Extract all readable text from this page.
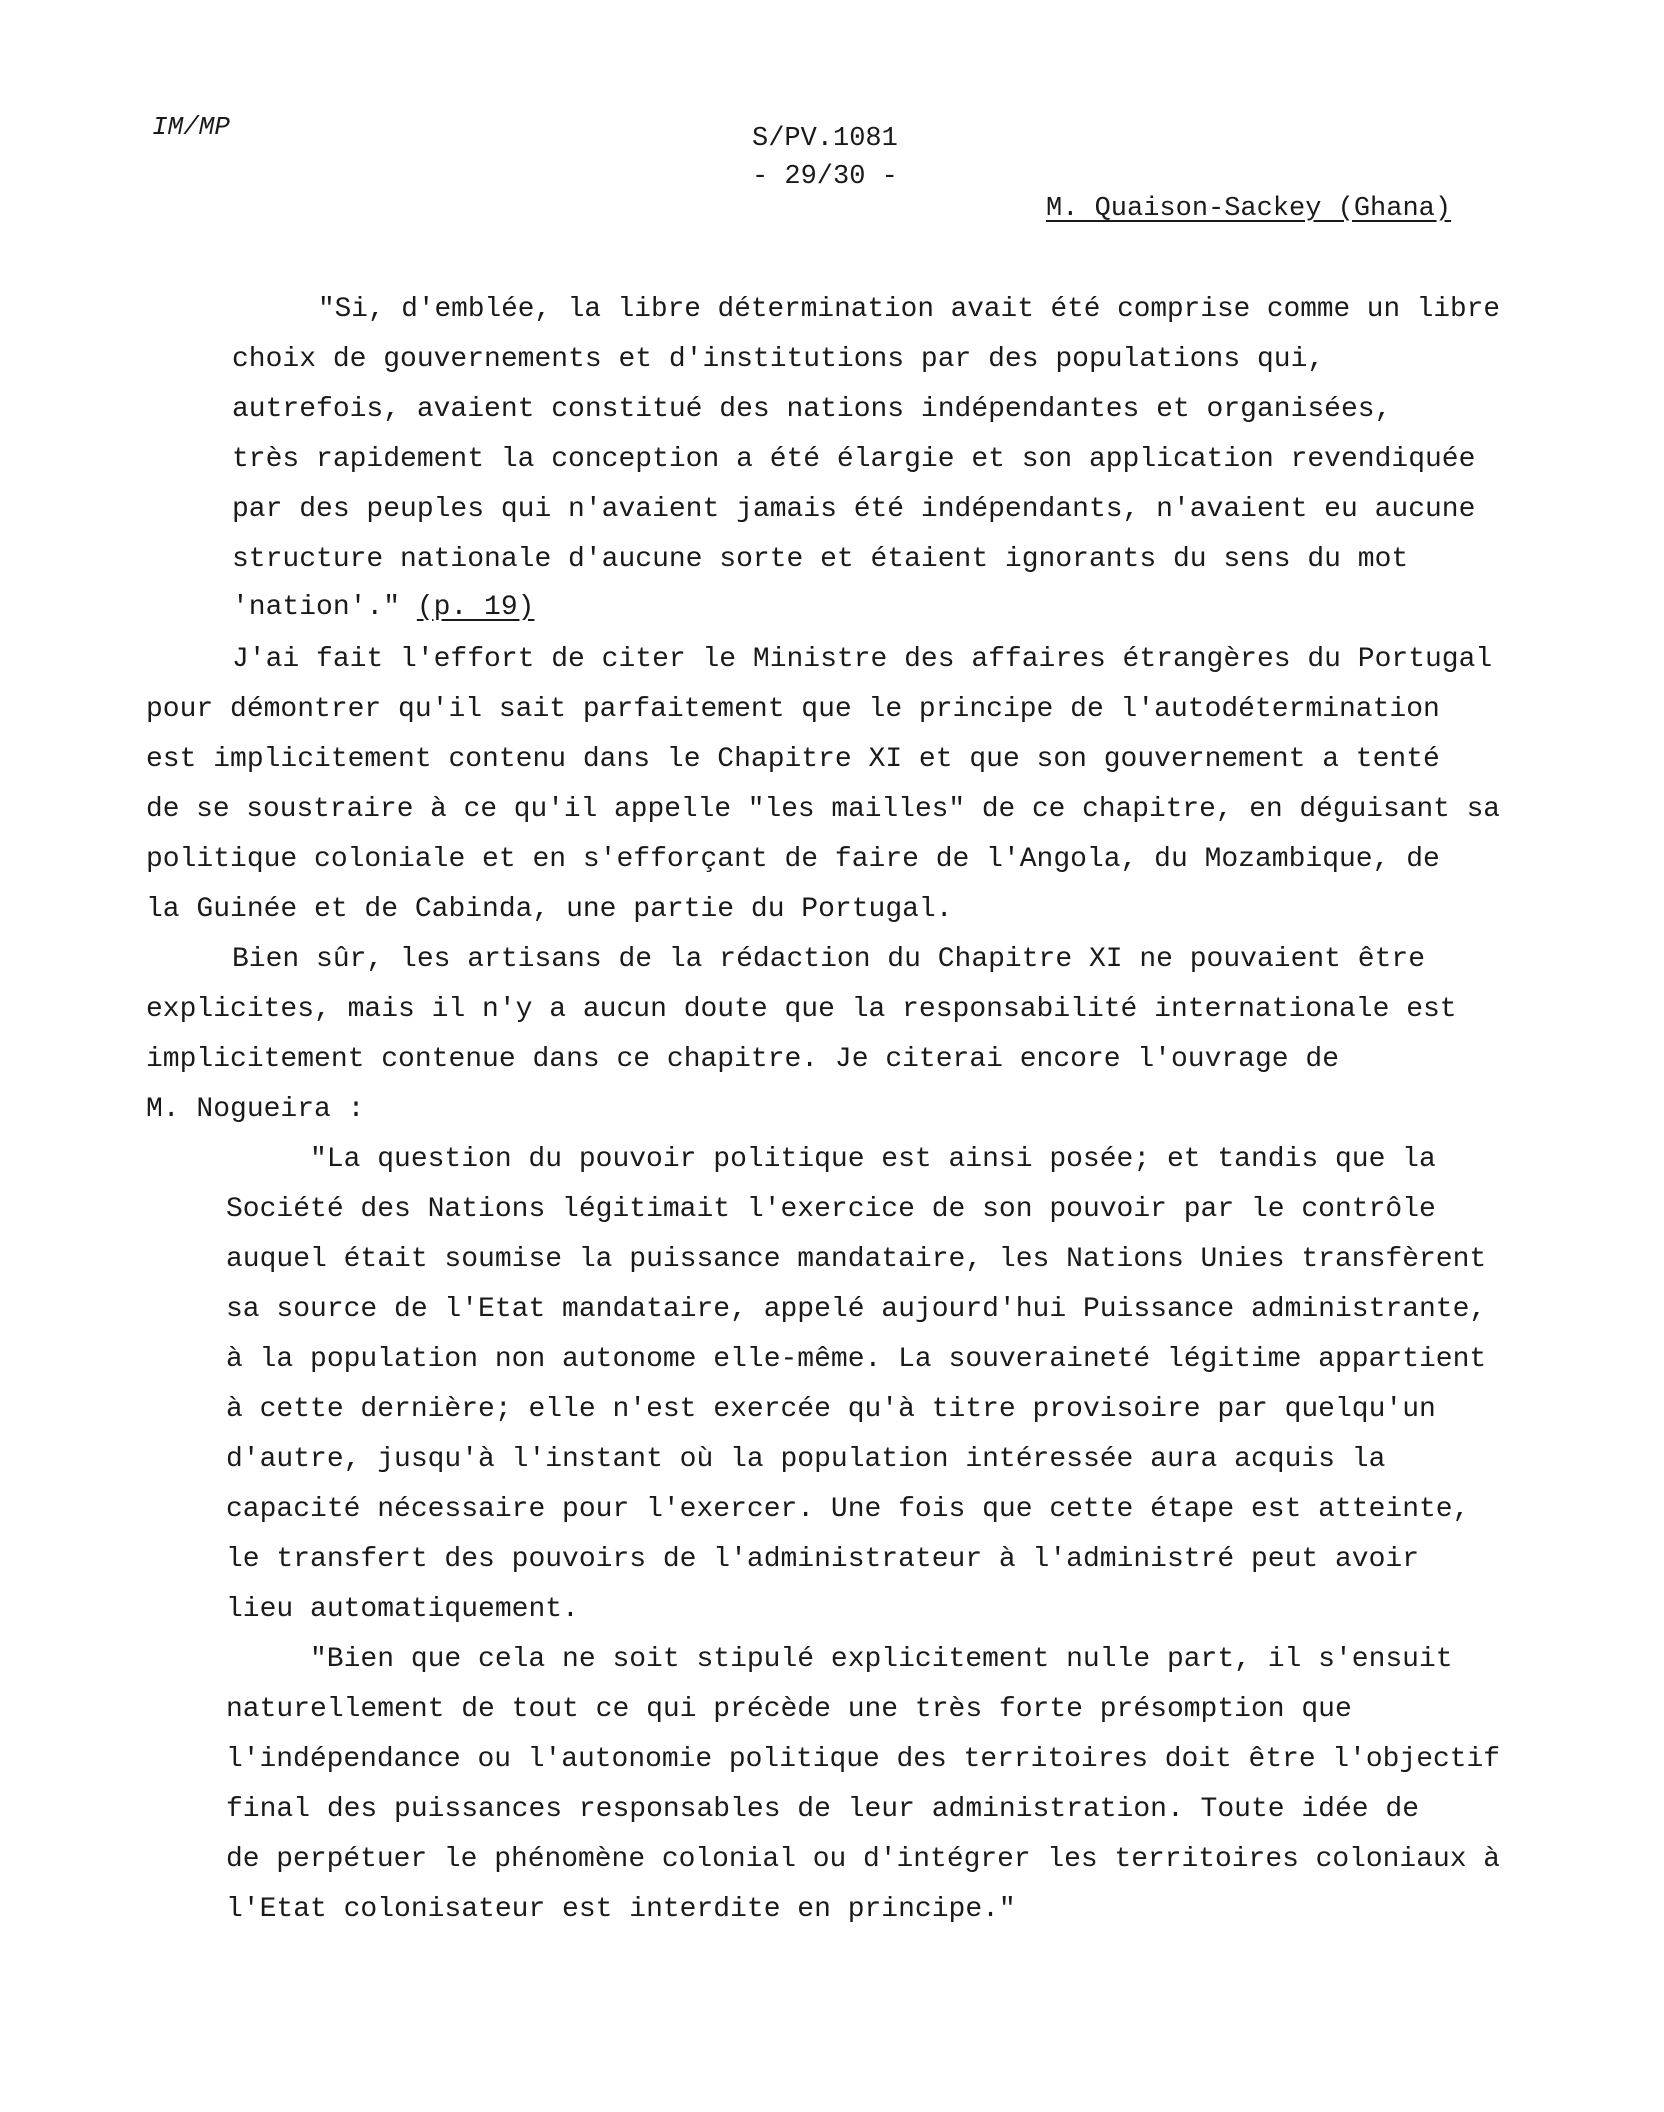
IM/MP	S/PV.1081
- 29/30 -
M. Quaison-Sackey (Ghana)
"Si, d'emblée, la libre détermination avait été comprise comme un libre
choix de gouvernements et d'institutions par des populations qui,
autrefois, avaient constitué des nations indépendantes et organisées,
très rapidement la conception a été élargie et son application revendiquée
par des peuples qui n'avaient jamais été indépendants, n'avaient eu aucune
structure nationale d'aucune sorte et étaient ignorants du sens du mot
'nation'." (p. 19)
J'ai fait l'effort de citer le Ministre des affaires étrangères du Portugal
pour démontrer qu'il sait parfaitement que le principe de l'autodétermination
est implicitement contenu dans le Chapitre XI et que son gouvernement a tenté
de se soustraire à ce qu'il appelle "les mailles" de ce chapitre, en déguisant sa
politique coloniale et en s'efforçant de faire de l'Angola, du Mozambique, de
la Guinée et de Cabinda, une partie du Portugal.
Bien sûr, les artisans de la rédaction du Chapitre XI ne pouvaient être
explicites, mais il n'y a aucun doute que la responsabilité internationale est
implicitement contenue dans ce chapitre. Je citerai encore l'ouvrage de
M. Nogueira :
"La question du pouvoir politique est ainsi posée; et tandis que la
Société des Nations légitimait l'exercice de son pouvoir par le contrôle
auquel était soumise la puissance mandataire, les Nations Unies transfèrent
sa source de l'Etat mandataire, appelé aujourd'hui Puissance administrante,
à la population non autonome elle-même. La souveraineté légitime appartient
à cette dernière; elle n'est exercée qu'à titre provisoire par quelqu'un
d'autre, jusqu'à l'instant où la population intéressée aura acquis la
capacité nécessaire pour l'exercer. Une fois que cette étape est atteinte,
le transfert des pouvoirs de l'administrateur à l'administré peut avoir
lieu automatiquement.
"Bien que cela ne soit stipulé explicitement nulle part, il s'ensuit
naturellement de tout ce qui précède une très forte présomption que
l'indépendance ou l'autonomie politique des territoires doit être l'objectif
final des puissances responsables de leur administration. Toute idée de
de perpétuer le phénomène colonial ou d'intégrer les territoires coloniaux à
l'Etat colonisateur est interdite en principe."
